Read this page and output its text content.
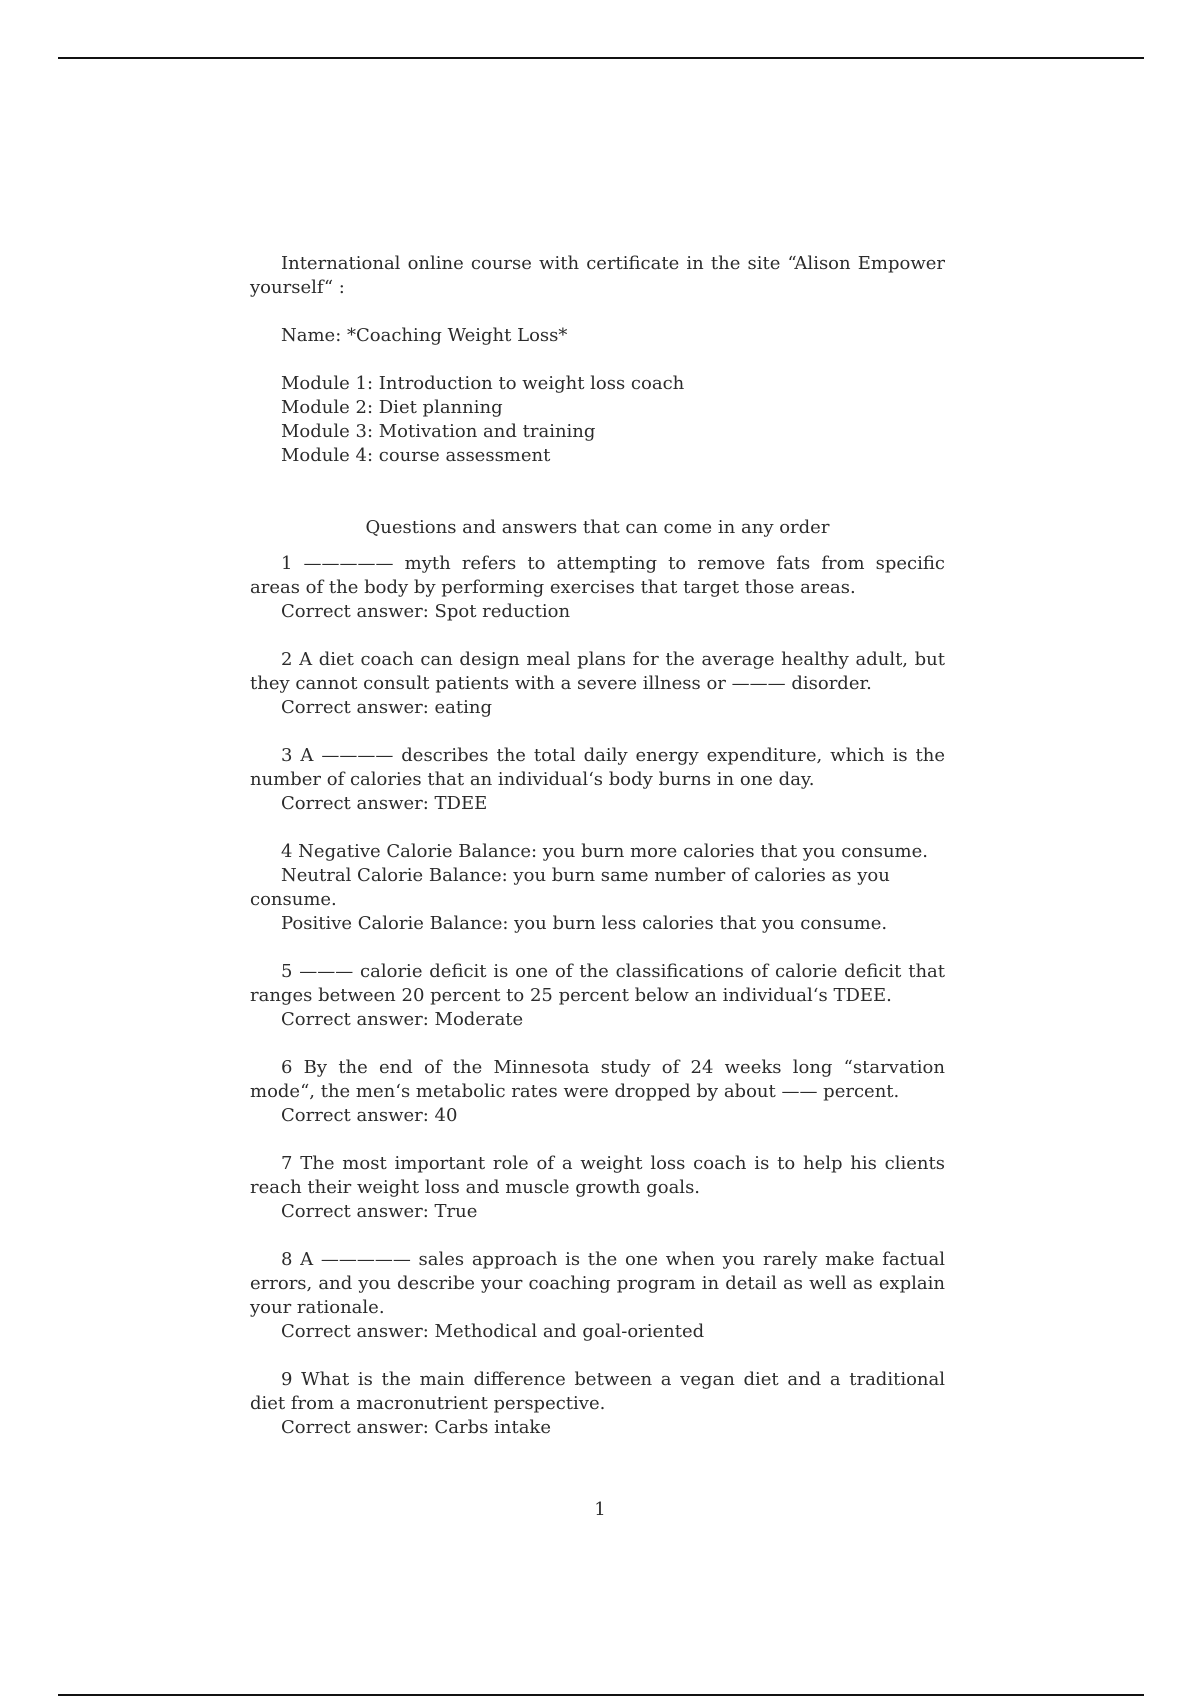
International online course with certificate in the site “Alison Empower yourself“ :

Name: *Coaching Weight Loss*

Module 1: Introduction to weight loss coach

Module 2: Diet planning

Module 3: Motivation and training

Module 4: course assessment

Questions and answers that can come in any order

1 ————— myth refers to attempting to remove fats from specific areas of the body by performing exercises that target those areas.

Correct answer: Spot reduction

2 A diet coach can design meal plans for the average healthy adult, but they cannot consult patients with a severe illness or ——— disorder.

Correct answer: eating

3 A ———— describes the total daily energy expenditure, which is the number of calories that an individual‘s body burns in one day.

Correct answer: TDEE

4 Negative Calorie Balance: you burn more calories that you consume.

Neutral Calorie Balance: you burn same number of calories as you consume.

Positive Calorie Balance: you burn less calories that you consume.

5 ——— calorie deficit is one of the classifications of calorie deficit that ranges between 20 percent to 25 percent below an individual‘s TDEE.

Correct answer: Moderate

6 By the end of the Minnesota study of 24 weeks long “starvation mode“, the men‘s metabolic rates were dropped by about —— percent.

Correct answer: 40

7 The most important role of a weight loss coach is to help his clients reach their weight loss and muscle growth goals.

Correct answer: True

8 A ————— sales approach is the one when you rarely make factual errors, and you describe your coaching program in detail as well as explain your rationale.

Correct answer: Methodical and goal-oriented

9 What is the main difference between a vegan diet and a traditional diet from a macronutrient perspective.

Correct answer: Carbs intake

1
